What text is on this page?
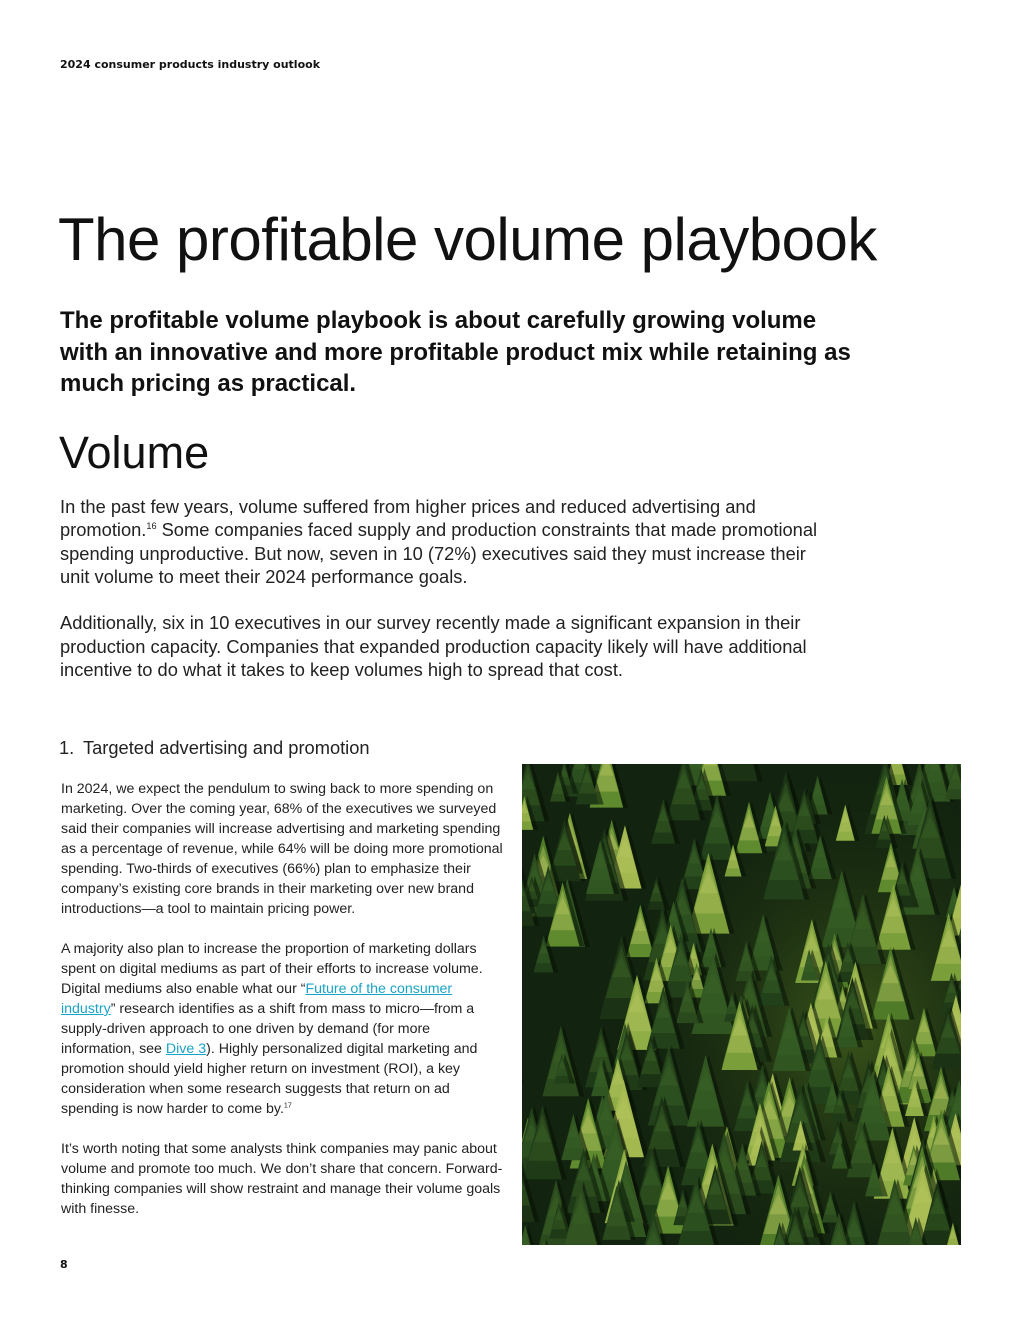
2024 consumer products industry outlook
The profitable volume playbook

The profitable volume playbook is about carefully growing volume with an innovative and more profitable product mix while retaining as much pricing as practical.

Volume

In the past few years, volume suffered from higher prices and reduced advertising and promotion.$^{16}$ Some companies faced supply and production constraints that made promotional spending unproductive. But now, seven in 10 (72%) executives said they must increase their unit volume to meet their 2024 performance goals.

Additionally, six in 10 executives in our survey recently made a significant expansion in their production capacity. Companies that expanded production capacity likely will have additional incentive to do what it takes to keep volumes high to spread that cost.

1. Targeted advertising and promotion

In 2024, we expect the pendulum to swing back to more spending on marketing. Over the coming year, 68% of the executives we surveyed said their companies will increase advertising and marketing spending as a percentage of revenue, while 64% will be doing more promotional spending. Two-thirds of executives (66%) plan to emphasize their company’s existing core brands in their marketing over new brand introductions—a tool to maintain pricing power.

A majority also plan to increase the proportion of marketing dollars spent on digital mediums as part of their efforts to increase volume. Digital mediums also enable what our “Future of the consumer industry” research identifies as a shift from mass to micro—from a supply-driven approach to one driven by demand (for more information, see Dive 3). Highly personalized digital marketing and promotion should yield higher return on investment (ROI), a key consideration when some research suggests that return on ad spending is now harder to come by.$^{17}$

It’s worth noting that some analysts think companies may panic about volume and promote too much. We don’t share that concern. Forward-thinking companies will show restraint and manage their volume goals with finesse.

8
